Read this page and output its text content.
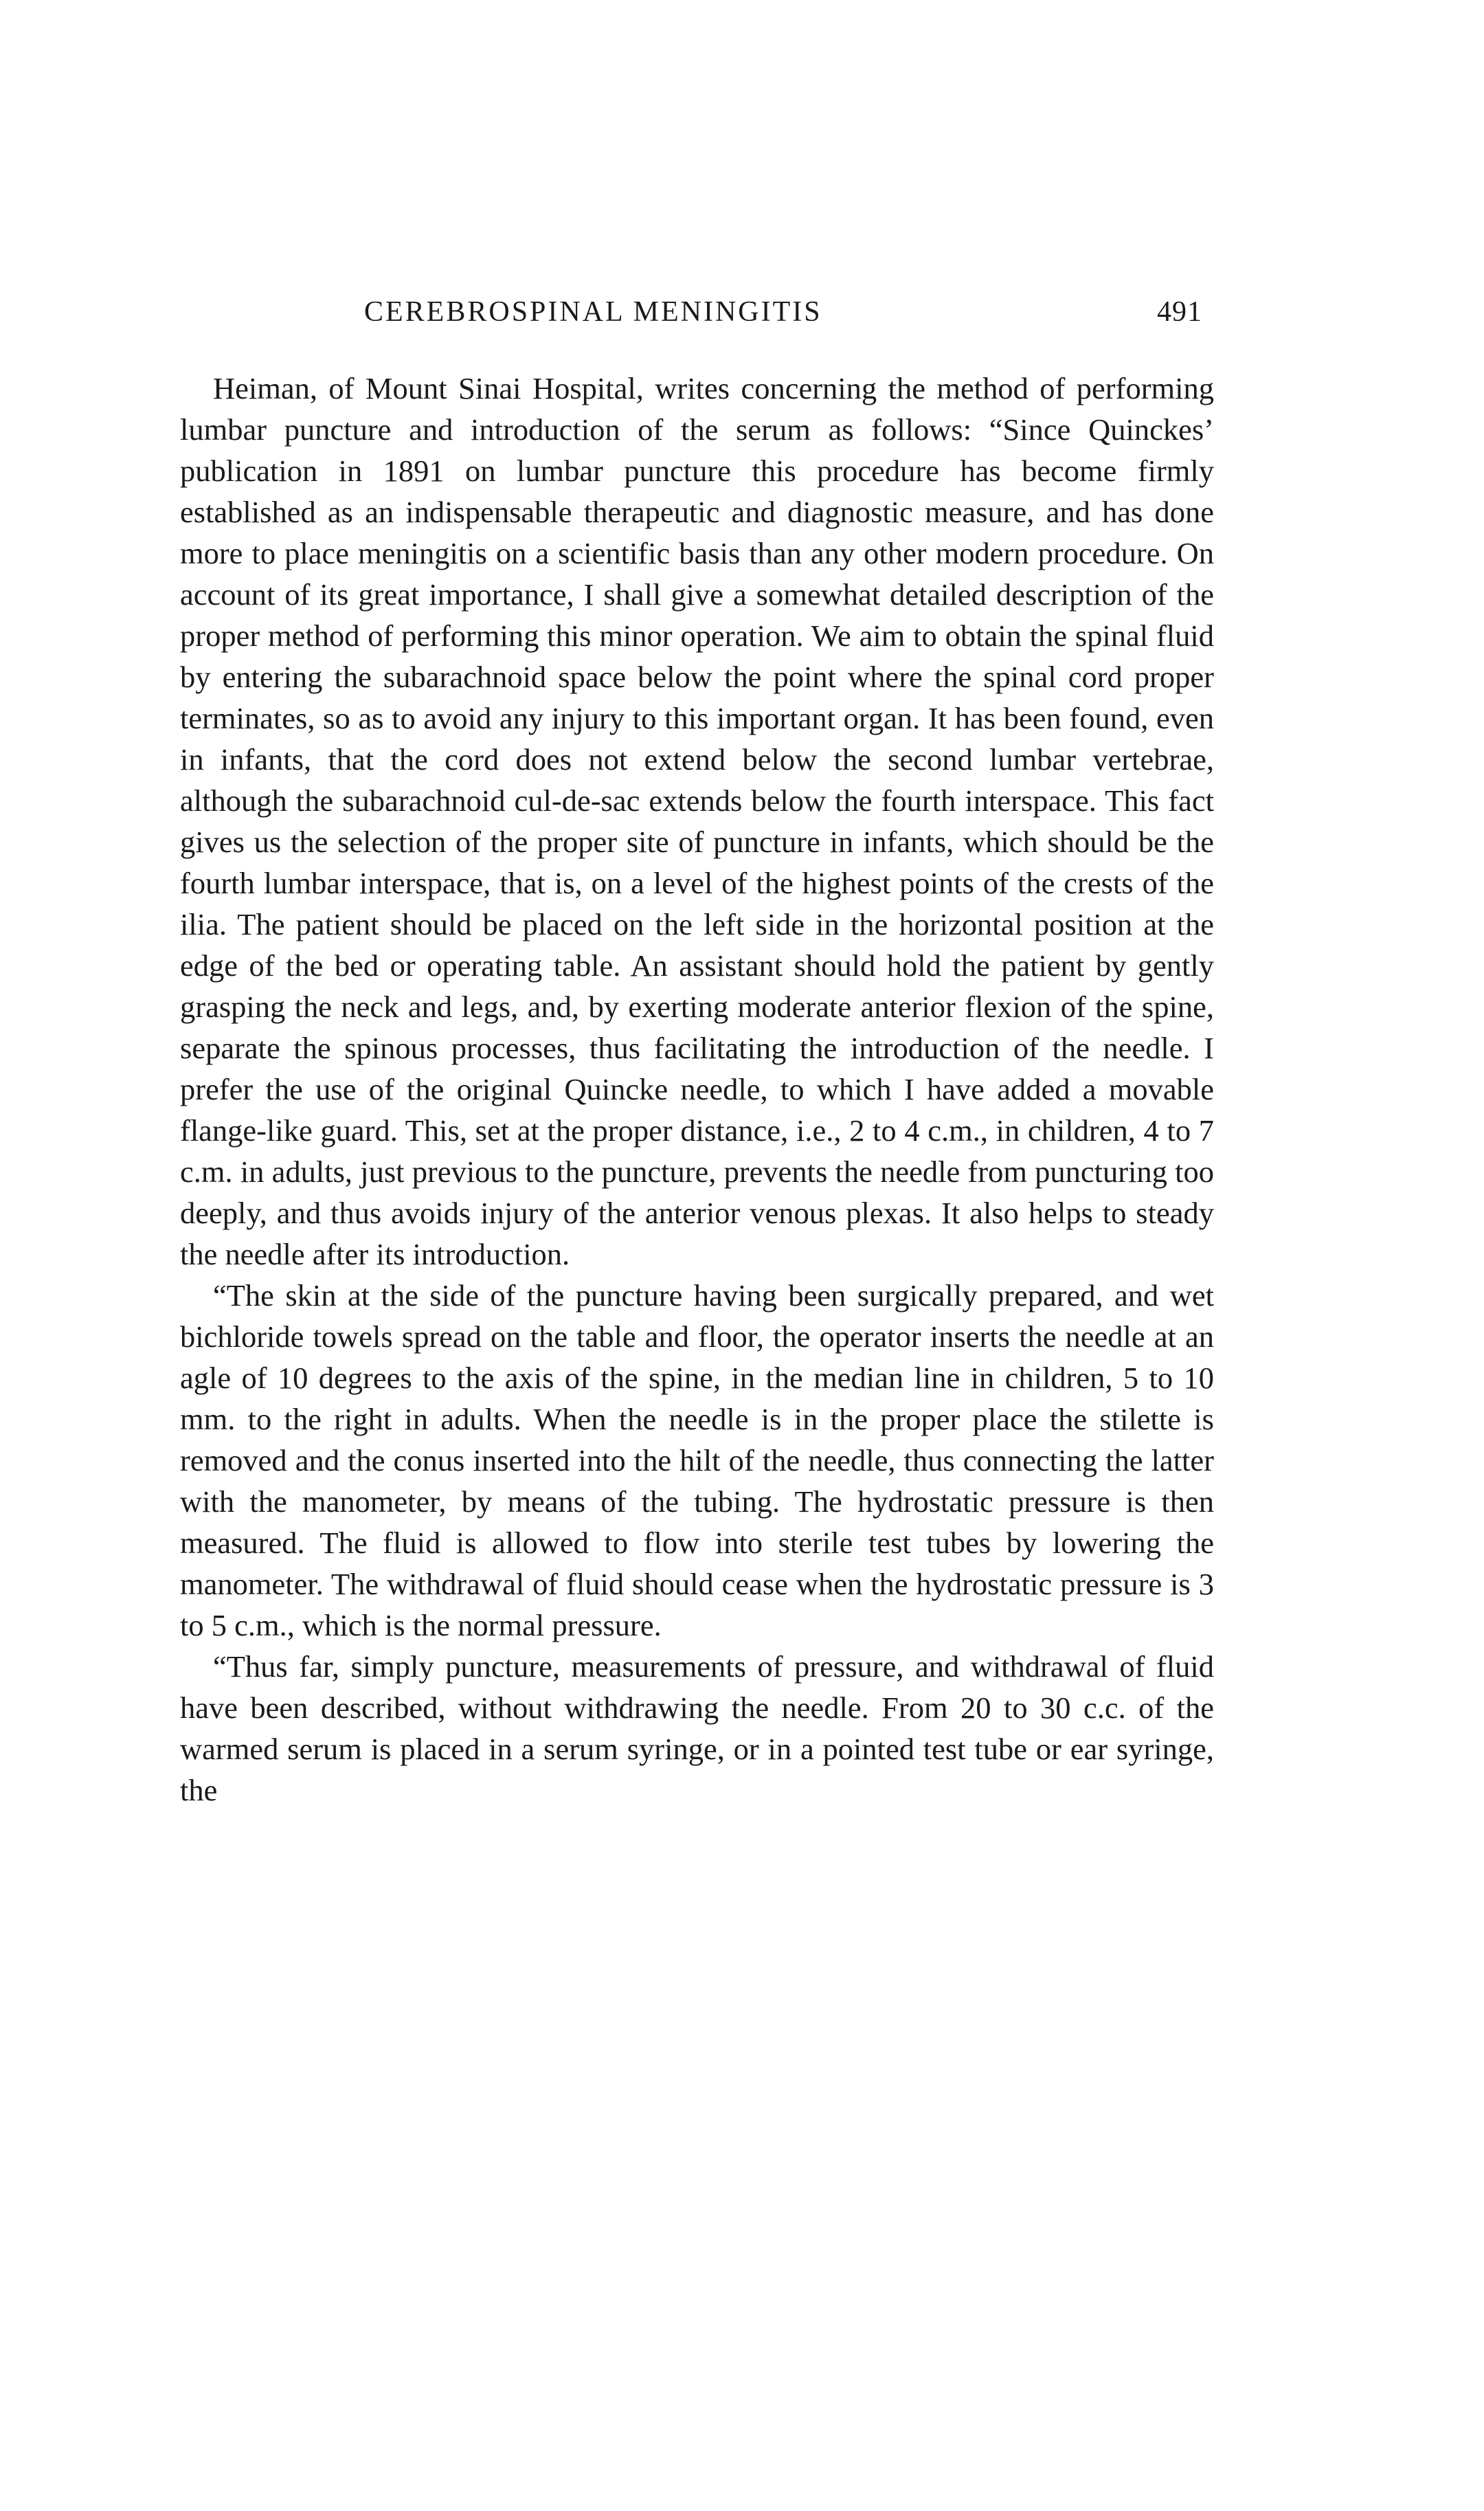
CEREBROSPINAL MENINGITIS	491

Heiman, of Mount Sinai Hospital, writes concerning the method of performing lumbar puncture and introduction of the serum as follows: “Since Quinckes’ publication in 1891 on lumbar puncture this procedure has become firmly established as an indispensable therapeutic and diagnostic measure, and has done more to place meningitis on a scientific basis than any other modern procedure. On account of its great importance, I shall give a somewhat detailed description of the proper method of performing this minor operation. We aim to obtain the spinal fluid by entering the subarachnoid space below the point where the spinal cord proper terminates, so as to avoid any injury to this important organ. It has been found, even in infants, that the cord does not extend below the second lumbar vertebrae, although the subarachnoid cul-de-sac extends below the fourth interspace. This fact gives us the selection of the proper site of puncture in infants, which should be the fourth lumbar interspace, that is, on a level of the highest points of the crests of the ilia. The patient should be placed on the left side in the horizontal position at the edge of the bed or operating table. An assistant should hold the patient by gently grasping the neck and legs, and, by exerting moderate anterior flexion of the spine, separate the spinous processes, thus facilitating the introduction of the needle. I prefer the use of the original Quincke needle, to which I have added a movable flange-like guard. This, set at the proper distance, i.e., 2 to 4 c.m., in children, 4 to 7 c.m. in adults, just previous to the puncture, prevents the needle from puncturing too deeply, and thus avoids injury of the anterior venous plexas. It also helps to steady the needle after its introduction.

“The skin at the side of the puncture having been surgically prepared, and wet bichloride towels spread on the table and floor, the operator inserts the needle at an agle of 10 degrees to the axis of the spine, in the median line in children, 5 to 10 mm. to the right in adults. When the needle is in the proper place the stilette is removed and the conus inserted into the hilt of the needle, thus connecting the latter with the manometer, by means of the tubing. The hydrostatic pressure is then measured. The fluid is allowed to flow into sterile test tubes by lowering the manometer. The withdrawal of fluid should cease when the hydrostatic pressure is 3 to 5 c.m., which is the normal pressure.

“Thus far, simply puncture, measurements of pressure, and withdrawal of fluid have been described, without withdrawing the needle. From 20 to 30 c.c. of the warmed serum is placed in a serum syringe, or in a pointed test tube or ear syringe, the
